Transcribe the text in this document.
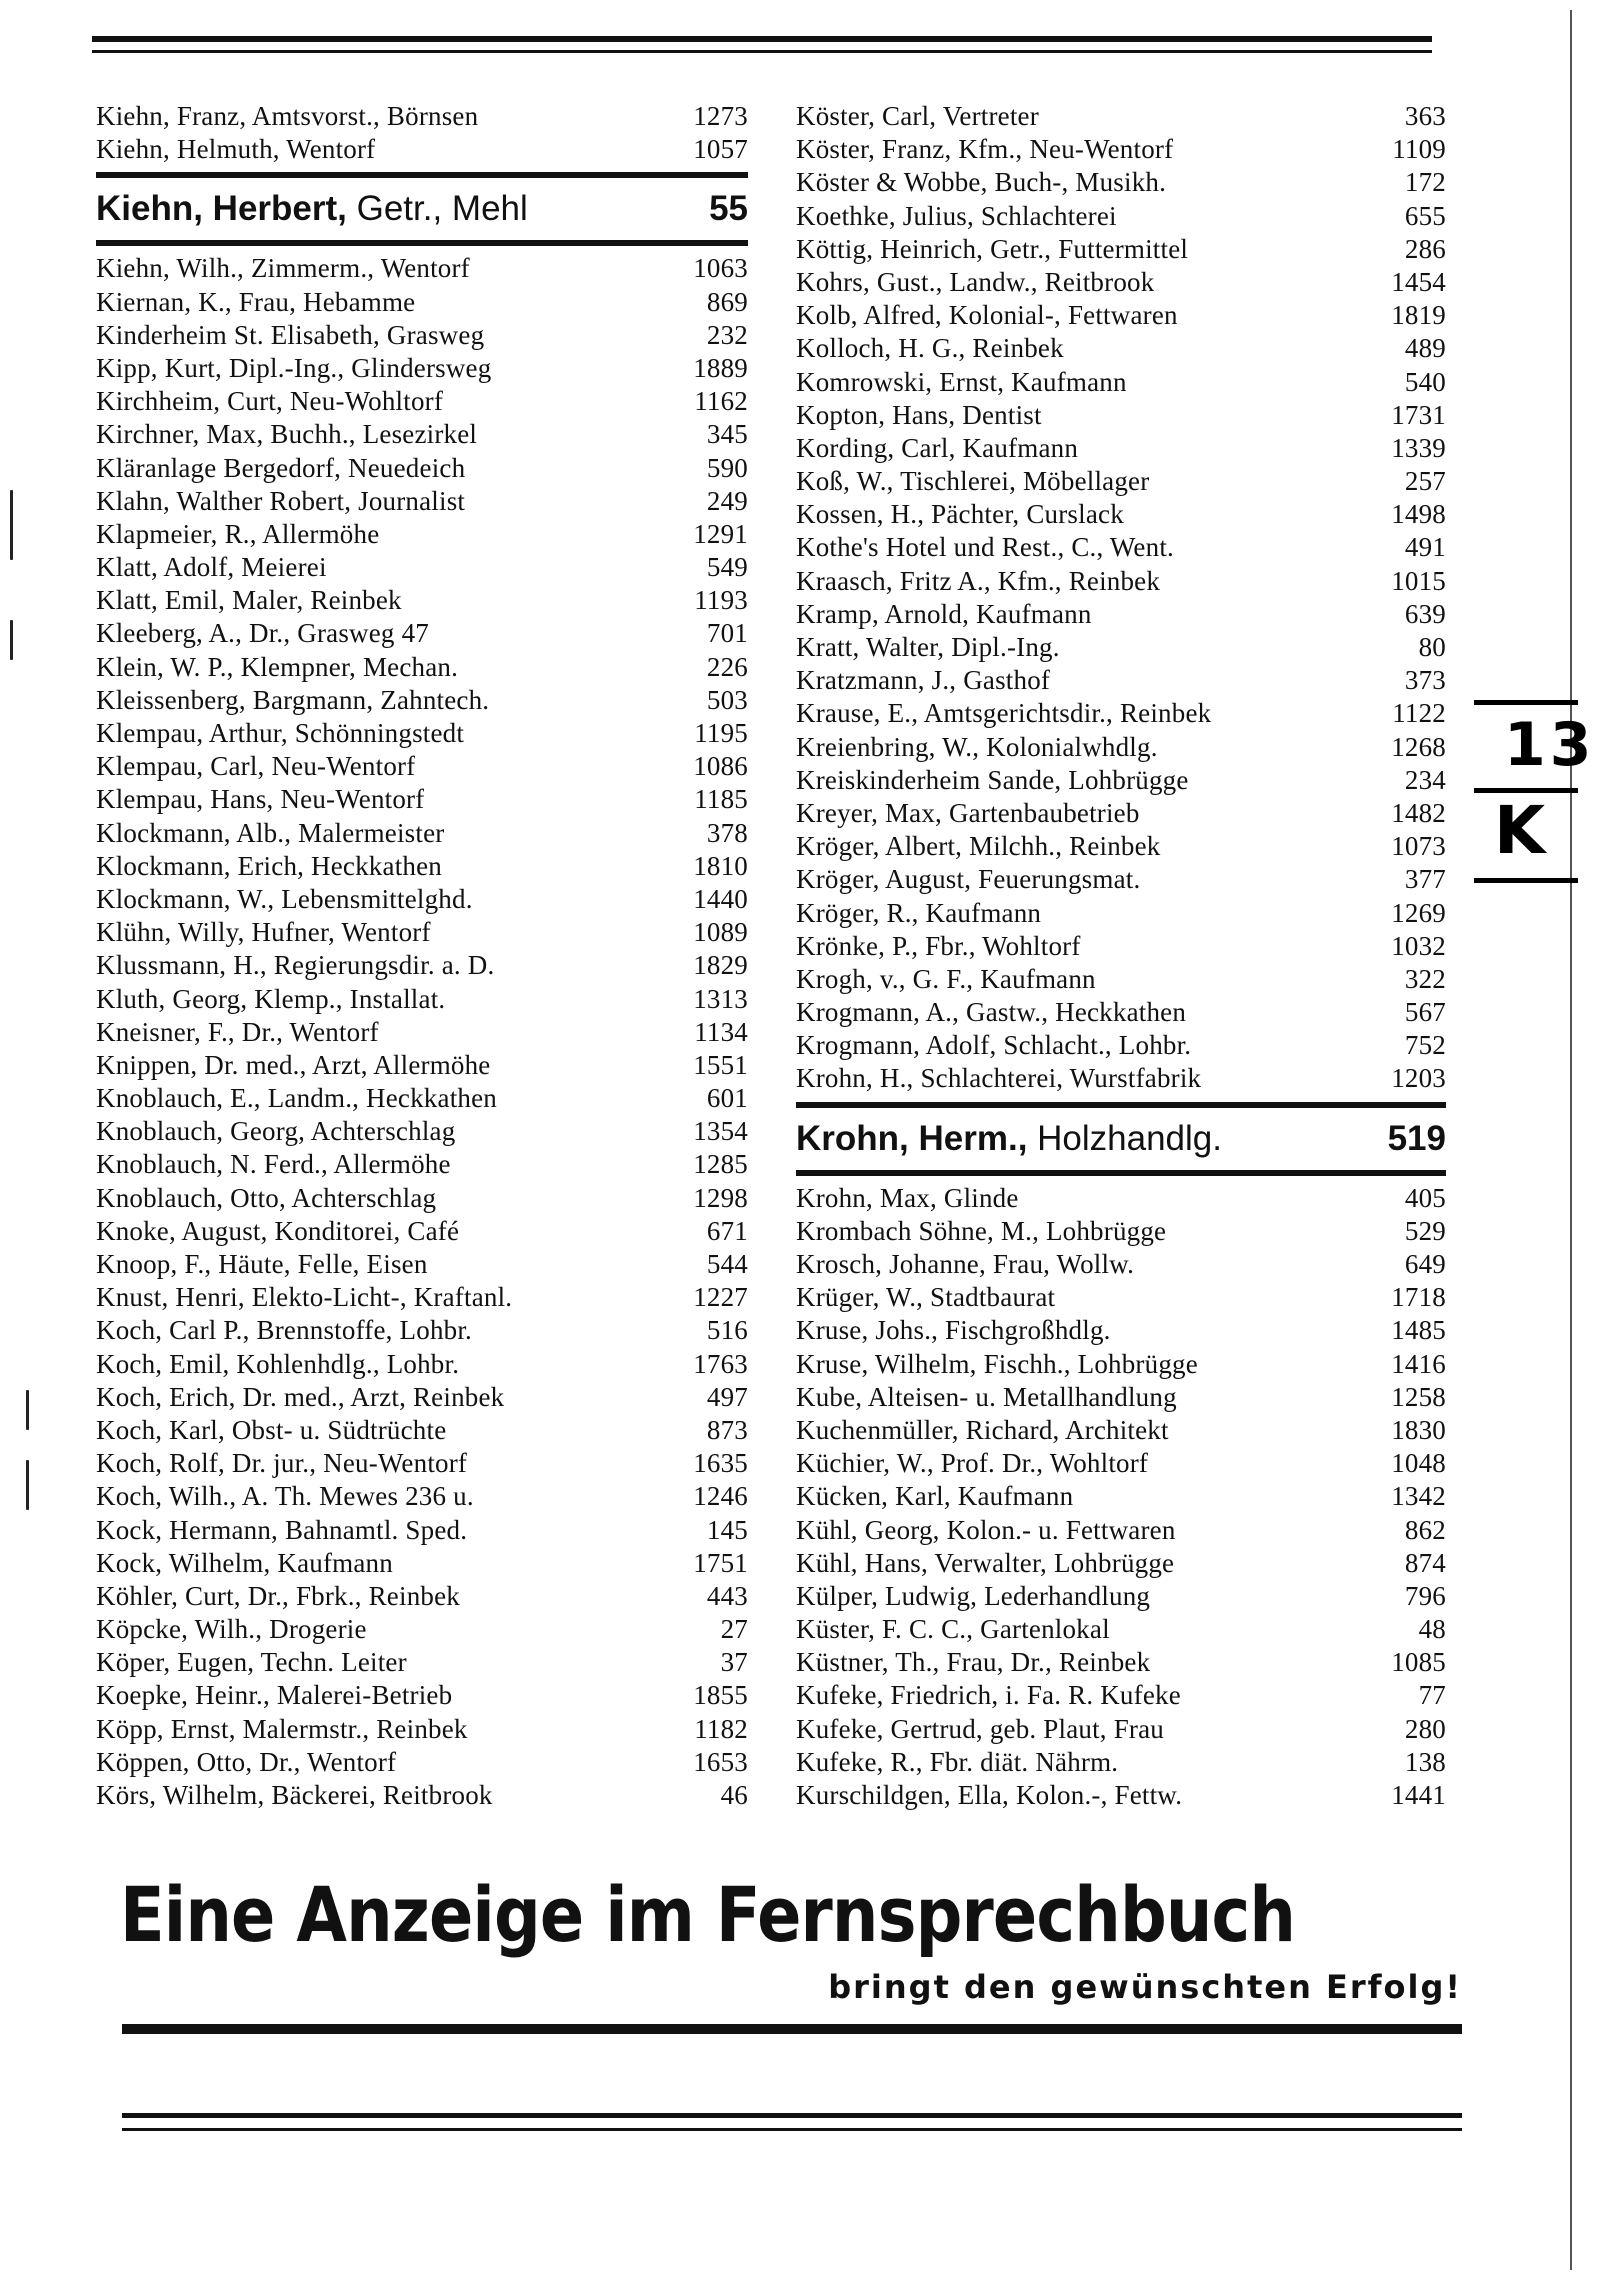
Kiehn, Franz, Amtsvorst., Börnsen	1273
Kiehn, Helmuth, Wentorf	1057
Kiehn, Herbert, Getr., Mehl	55
Kiehn, Wilh., Zimmerm., Wentorf	1063
Kiernan, K., Frau, Hebamme	869
Kinderheim St. Elisabeth, Grasweg	232
Kipp, Kurt, Dipl.-Ing., Glindersweg	1889
Kirchheim, Curt, Neu-Wohltorf	1162
Kirchner, Max, Buchh., Lesezirkel	345
Kläranlage Bergedorf, Neuedeich	590
Klahn, Walther Robert, Journalist	249
Klapmeier, R., Allermöhe	1291
Klatt, Adolf, Meierei	549
Klatt, Emil, Maler, Reinbek	1193
Kleeberg, A., Dr., Grasweg 47	701
Klein, W. P., Klempner, Mechan.	226
Kleissenberg, Bargmann, Zahntech.	503
Klempau, Arthur, Schönningstedt	1195
Klempau, Carl, Neu-Wentorf	1086
Klempau, Hans, Neu-Wentorf	1185
Klockmann, Alb., Malermeister	378
Klockmann, Erich, Heckkathen	1810
Klockmann, W., Lebensmittelghd.	1440
Klühn, Willy, Hufner, Wentorf	1089
Klussmann, H., Regierungsdir. a. D.	1829
Kluth, Georg, Klemp., Installat.	1313
Kneisner, F., Dr., Wentorf	1134
Knippen, Dr. med., Arzt, Allermöhe	1551
Knoblauch, E., Landm., Heckkathen	601
Knoblauch, Georg, Achterschlag	1354
Knoblauch, N. Ferd., Allermöhe	1285
Knoblauch, Otto, Achterschlag	1298
Knoke, August, Konditorei, Café	671
Knoop, F., Häute, Felle, Eisen	544
Knust, Henri, Elekto-Licht-, Kraftanl.	1227
Koch, Carl P., Brennstoffe, Lohbr.	516
Koch, Emil, Kohlenhdlg., Lohbr.	1763
Koch, Erich, Dr. med., Arzt, Reinbek	497
Koch, Karl, Obst- u. Südtrüchte	873
Koch, Rolf, Dr. jur., Neu-Wentorf	1635
Koch, Wilh., A. Th. Mewes 236 u.	1246
Kock, Hermann, Bahnamtl. Sped.	145
Kock, Wilhelm, Kaufmann	1751
Köhler, Curt, Dr., Fbrk., Reinbek	443
Köpcke, Wilh., Drogerie	27
Köper, Eugen, Techn. Leiter	37
Koepke, Heinr., Malerei-Betrieb	1855
Köpp, Ernst, Malermstr., Reinbek	1182
Köppen, Otto, Dr., Wentorf	1653
Körs, Wilhelm, Bäckerei, Reitbrook	46
Köster, Carl, Vertreter	363
Köster, Franz, Kfm., Neu-Wentorf	1109
Köster & Wobbe, Buch-, Musikh.	172
Koethke, Julius, Schlachterei	655
Köttig, Heinrich, Getr., Futtermittel	286
Kohrs, Gust., Landw., Reitbrook	1454
Kolb, Alfred, Kolonial-, Fettwaren	1819
Kolloch, H. G., Reinbek	489
Komrowski, Ernst, Kaufmann	540
Kopton, Hans, Dentist	1731
Kording, Carl, Kaufmann	1339
Koß, W., Tischlerei, Möbellager	257
Kossen, H., Pächter, Curslack	1498
Kothe's Hotel und Rest., C., Went.	491
Kraasch, Fritz A., Kfm., Reinbek	1015
Kramp, Arnold, Kaufmann	639
Kratt, Walter, Dipl.-Ing.	80
Kratzmann, J., Gasthof	373
Krause, E., Amtsgerichtsdir., Reinbek	1122
Kreienbring, W., Kolonialwhdlg.	1268
Kreiskinderheim Sande, Lohbrügge	234
Kreyer, Max, Gartenbaubetrieb	1482
Kröger, Albert, Milchh., Reinbek	1073
Kröger, August, Feuerungsmat.	377
Kröger, R., Kaufmann	1269
Krönke, P., Fbr., Wohltorf	1032
Krogh, v., G. F., Kaufmann	322
Krogmann, A., Gastw., Heckkathen	567
Krogmann, Adolf, Schlacht., Lohbr.	752
Krohn, H., Schlachterei, Wurstfabrik	1203
Krohn, Herm., Holzhandlg.	519
Krohn, Max, Glinde	405
Krombach Söhne, M., Lohbrügge	529
Krosch, Johanne, Frau, Wollw.	649
Krüger, W., Stadtbaurat	1718
Kruse, Johs., Fischgroßhdlg.	1485
Kruse, Wilhelm, Fischh., Lohbrügge	1416
Kube, Alteisen- u. Metallhandlung	1258
Kuchenmüller, Richard, Architekt	1830
Küchier, W., Prof. Dr., Wohltorf	1048
Kücken, Karl, Kaufmann	1342
Kühl, Georg, Kolon.- u. Fettwaren	862
Kühl, Hans, Verwalter, Lohbrügge	874
Külper, Ludwig, Lederhandlung	796
Küster, F. C. C., Gartenlokal	48
Küstner, Th., Frau, Dr., Reinbek	1085
Kufeke, Friedrich, i. Fa. R. Kufeke	77
Kufeke, Gertrud, geb. Plaut, Frau	280
Kufeke, R., Fbr. diät. Nährm.	138
Kurschildgen, Ella, Kolon.-, Fettw.	1441
13
K
Eine Anzeige im Fernsprechbuch
bringt den gewünschten Erfolg!
